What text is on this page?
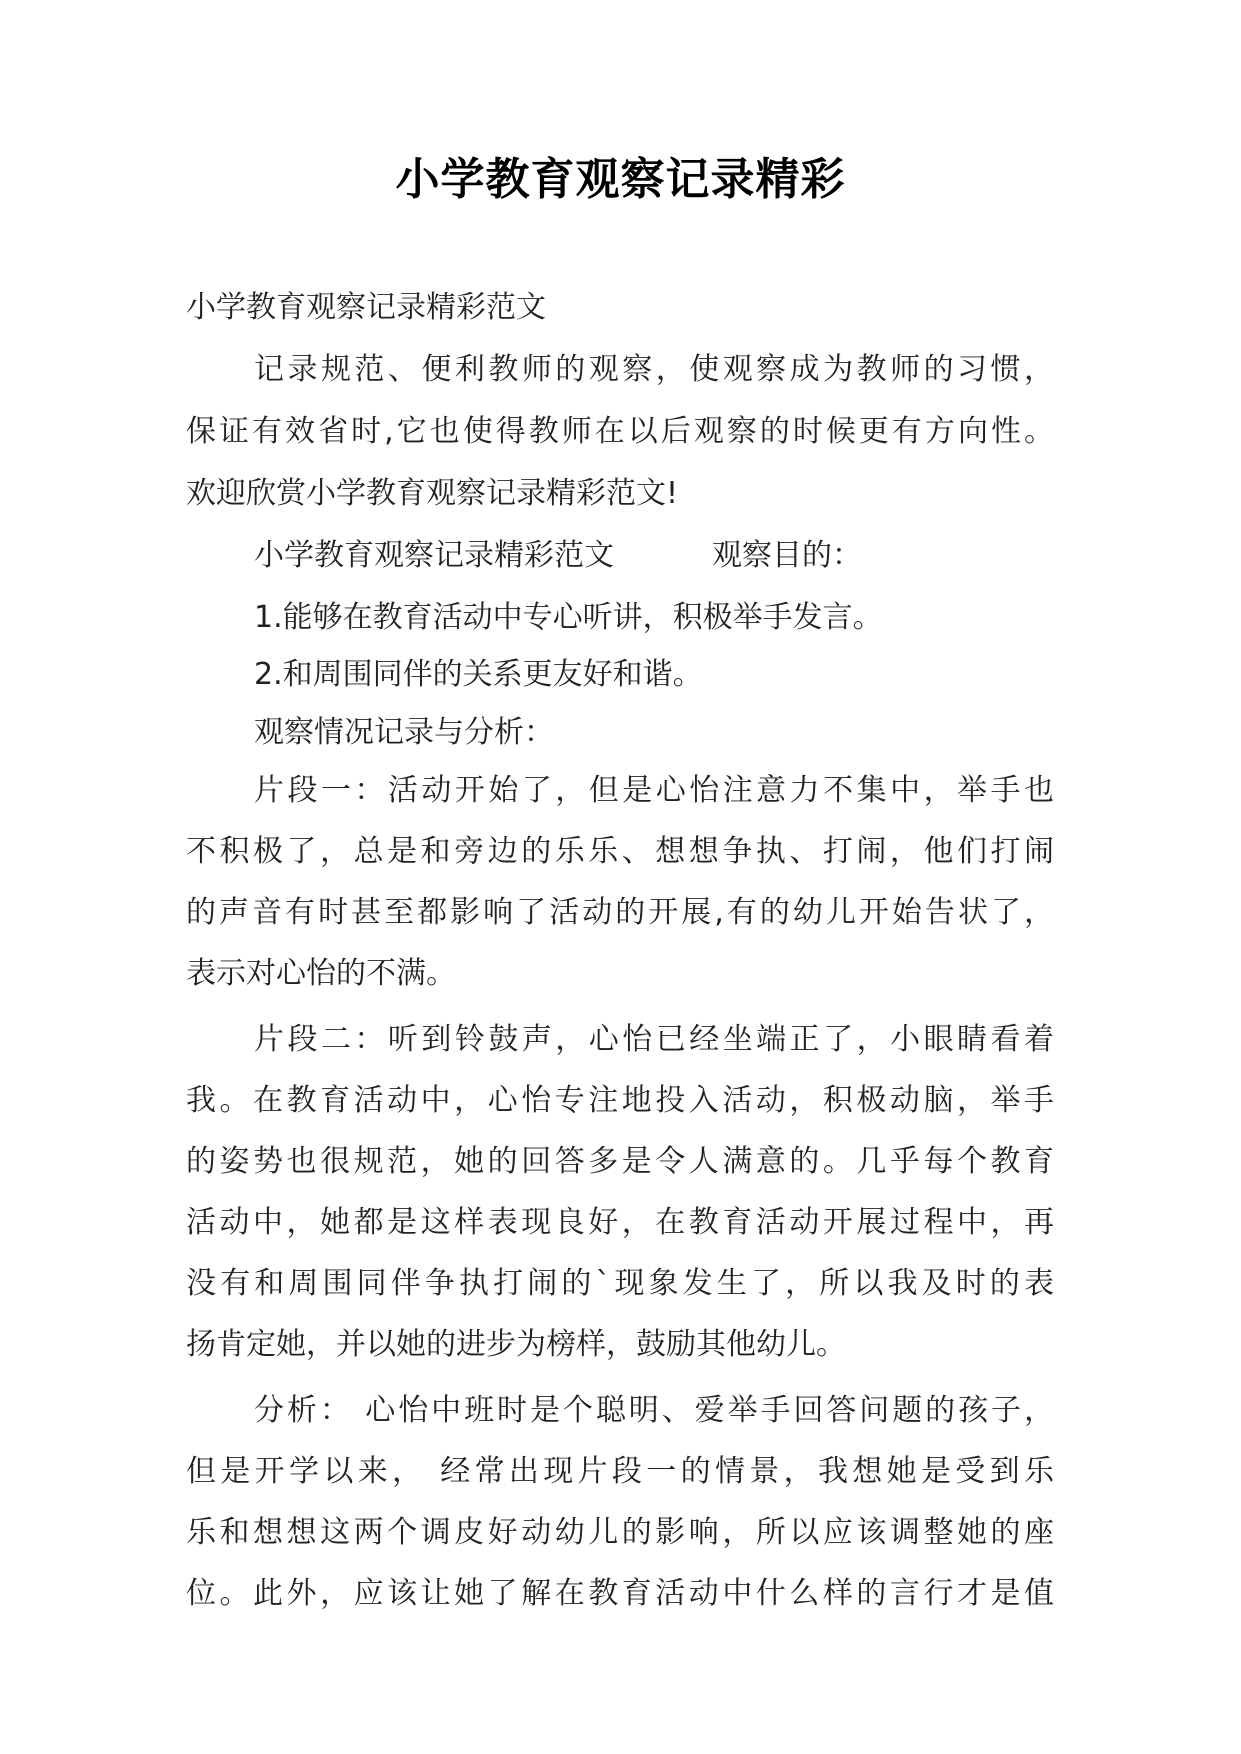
小学教育观察记录精彩
小学教育观察记录精彩范文
记录规范、便利教师的观察，使观察成为教师的习惯，
保证有效省时,它也使得教师在以后观察的时候更有方向性。
欢迎欣赏小学教育观察记录精彩范文!
小学教育观察记录精彩范文	观察目的：
1.能够在教育活动中专心听讲，积极举手发言。
2.和周围同伴的关系更友好和谐。
观察情况记录与分析：
片段一：活动开始了，但是心怡注意力不集中，举手也
不积极了，总是和旁边的乐乐、想想争执、打闹，他们打闹
的声音有时甚至都影响了活动的开展,有的幼儿开始告状了，
表示对心怡的不满。
片段二：听到铃鼓声，心怡已经坐端正了，小眼睛看着
我。在教育活动中，心怡专注地投入活动，积极动脑，举手
的姿势也很规范，她的回答多是令人满意的。几乎每个教育
活动中，她都是这样表现良好，在教育活动开展过程中，再
没有和周围同伴争执打闹的`现象发生了，所以我及时的表
扬肯定她，并以她的进步为榜样，鼓励其他幼儿。
分析： 心怡中班时是个聪明、爱举手回答问题的孩子，
但是开学以来， 经常出现片段一的情景，我想她是受到乐
乐和想想这两个调皮好动幼儿的影响，所以应该调整她的座
位。此外，应该让她了解在教育活动中什么样的言行才是值
